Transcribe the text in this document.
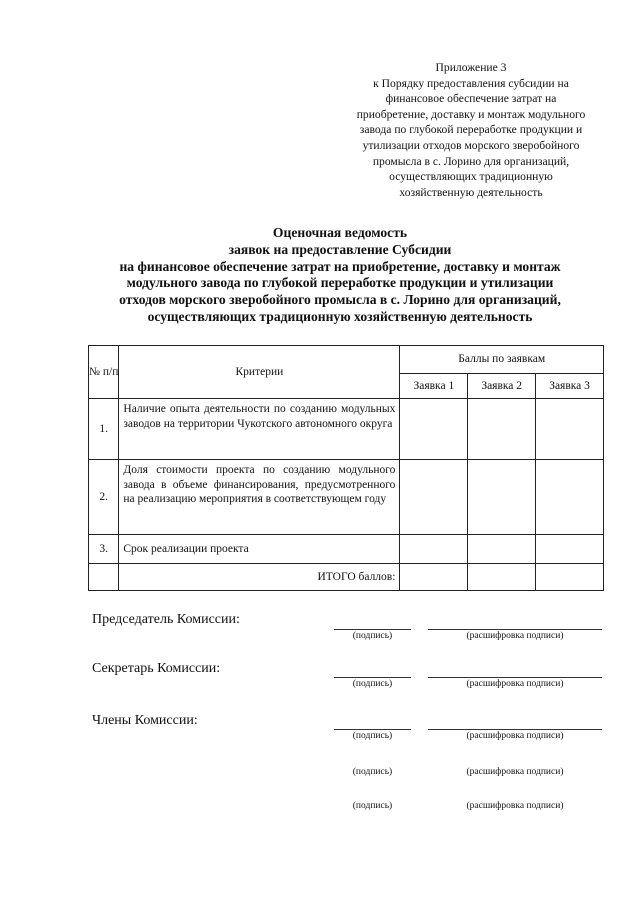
Приложение 3
к Порядку предоставления субсидии на
финансовое обеспечение затрат на
приобретение, доставку и монтаж модульного
завода по глубокой переработке продукции и
утилизации отходов морского зверобойного
промысла в с. Лорино для организаций,
осуществляющих традиционную
хозяйственную деятельность
Оценочная ведомость
заявок на предоставление Субсидии
на финансовое обеспечение затрат на приобретение, доставку и монтаж
модульного завода по глубокой переработке продукции и утилизации
отходов морского зверобойного промысла в с. Лорино для организаций,
осуществляющих традиционную хозяйственную деятельность
№ п/п	Критерии	Баллы по заявкам		
		Заявка 1	Заявка 2	Заявка 3
1.	Наличие опыта деятельности по созданию модульных заводов на территории Чукотского автономного округа			
2.	Доля стоимости проекта по созданию модульного завода в объеме финансирования, предусмотренного на реализацию мероприятия в соответствующем году			
3.	Срок реализации проекта			
	ИТОГО баллов:			
Председатель Комиссии:
(подпись)	(расшифровка подписи)
Секретарь Комиссии:
(подпись)	(расшифровка подписи)
Члены Комиссии:
(подпись)	(расшифровка подписи)
(подпись)	(расшифровка подписи)
(подпись)	(расшифровка подписи)
